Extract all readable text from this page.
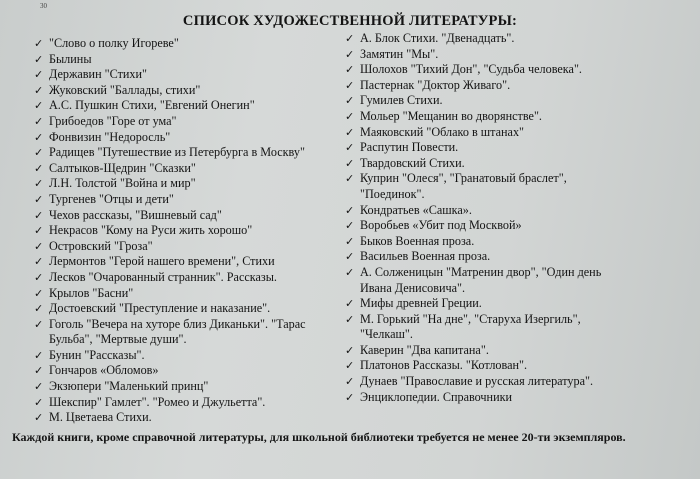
30
СПИСОК ХУДОЖЕСТВЕННОЙ ЛИТЕРАТУРЫ:
✓ "Слово о полку Игореве"
✓ Былины
✓ Державин "Стихи"
✓ Жуковский "Баллады, стихи"
✓ А.С. Пушкин Стихи, "Евгений Онегин"
✓ Грибоедов "Горе от ума"
✓ Фонвизин "Недоросль"
✓ Радищев "Путешествие из Петербурга в Москву"
✓ Салтыков-Щедрин "Сказки"
✓ Л.Н. Толстой "Война и мир"
✓ Тургенев "Отцы и дети"
✓ Чехов рассказы, "Вишневый сад"
✓ Некрасов "Кому на Руси жить хорошо"
✓ Островский "Гроза"
✓ Лермонтов "Герой нашего времени", Стихи
✓ Лесков "Очарованный странник". Рассказы.
✓ Крылов "Басни"
✓ Достоевский "Преступление и наказание".
✓ Гоголь "Вечера на хуторе близ Диканьки". "Тарас
Бульба", "Мертвые души".
✓ Бунин "Рассказы".
✓ Гончаров «Обломов»
✓ Экзюпери "Маленький принц"
✓ Шекспир" Гамлет". "Ромео и Джульетта".
✓ М. Цветаева Стихи.
✓ А. Блок Стихи. "Двенадцать".
✓ Замятин "Мы".
✓ Шолохов "Тихий Дон", "Судьба человека".
✓ Пастернак "Доктор Живаго".
✓ Гумилев Стихи.
✓ Мольер "Мещанин во дворянстве".
✓ Маяковский "Облако в штанах"
✓ Распутин Повести.
✓ Твардовский Стихи.
✓ Куприн "Олеся", "Гранатовый браслет",
"Поединок".
✓ Кондратьев «Сашка».
✓ Воробьев «Убит под Москвой»
✓ Быков Военная проза.
✓ Васильев Военная проза.
✓ А. Солженицын "Матренин двор", "Один день
Ивана Денисовича".
✓ Мифы древней Греции.
✓ М. Горький "На дне", "Старуха Изергиль",
"Челкаш".
✓ Каверин "Два капитана".
✓ Платонов Рассказы. "Котлован".
✓ Дунаев "Православие и русская литература".
✓ Энциклопедии. Справочники
Каждой книги, кроме справочной литературы, для школьной библиотеки требуется не менее 20-ти экземпляров.
